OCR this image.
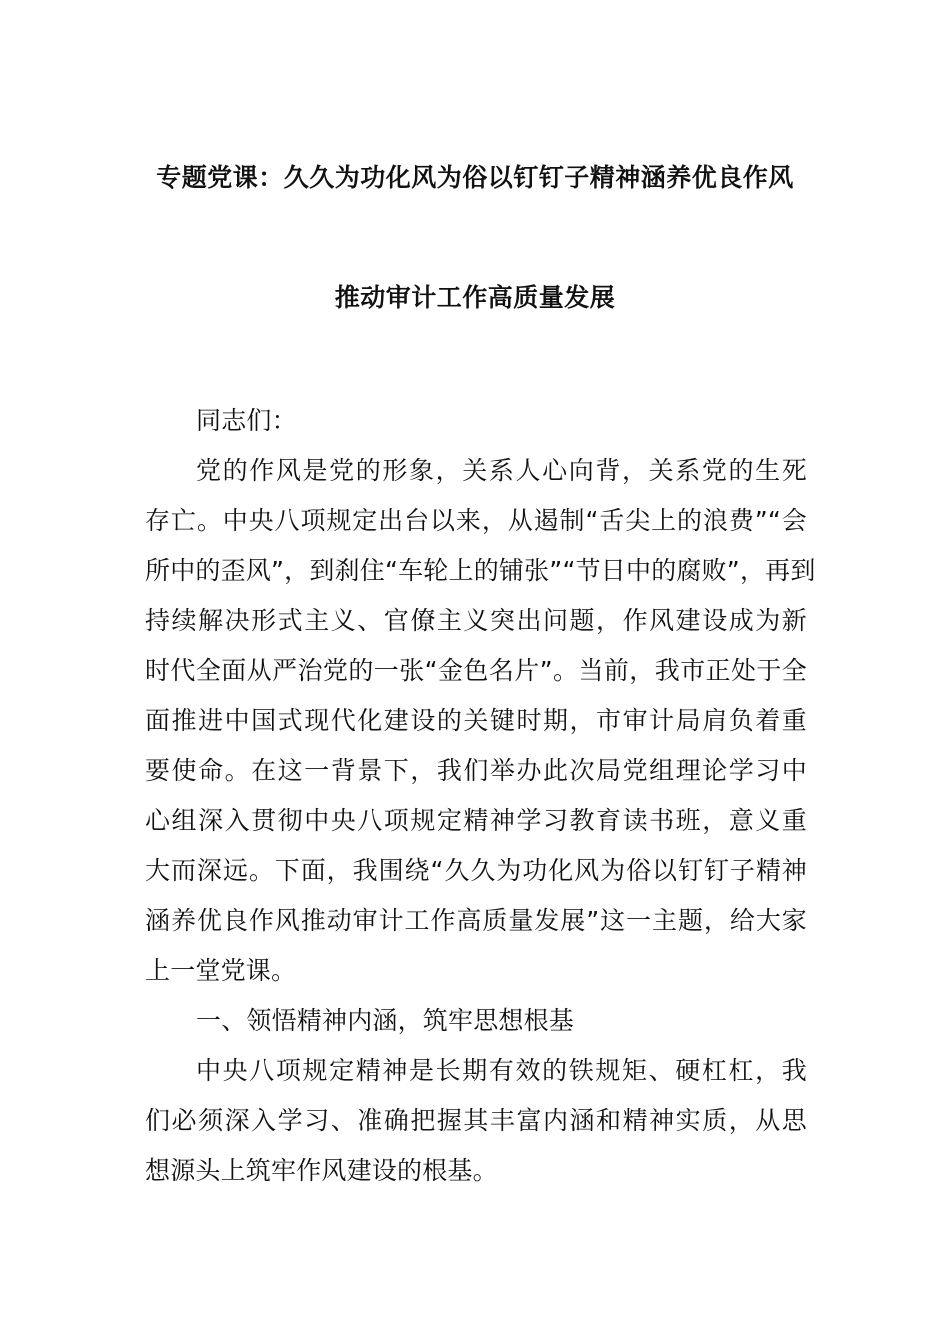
专题党课：久久为功化风为俗以钉钉子精神涵养优良作风
推动审计工作高质量发展
同志们：
党的作风是党的形象，关系人心向背，关系党的生死
存亡。中央八项规定出台以来，从遏制“舌尖上的浪费”“会
所中的歪风”，到刹住“车轮上的铺张”“节日中的腐败”，再到
持续解决形式主义、官僚主义突出问题，作风建设成为新
时代全面从严治党的一张“金色名片”。当前，我市正处于全
面推进中国式现代化建设的关键时期，市审计局肩负着重
要使命。在这一背景下，我们举办此次局党组理论学习中
心组深入贯彻中央八项规定精神学习教育读书班，意义重
大而深远。下面，我围绕“久久为功化风为俗以钉钉子精神
涵养优良作风推动审计工作高质量发展”这一主题，给大家
上一堂党课。
一、领悟精神内涵，筑牢思想根基
中央八项规定精神是长期有效的铁规矩、硬杠杠，我
们必须深入学习、准确把握其丰富内涵和精神实质，从思
想源头上筑牢作风建设的根基。
